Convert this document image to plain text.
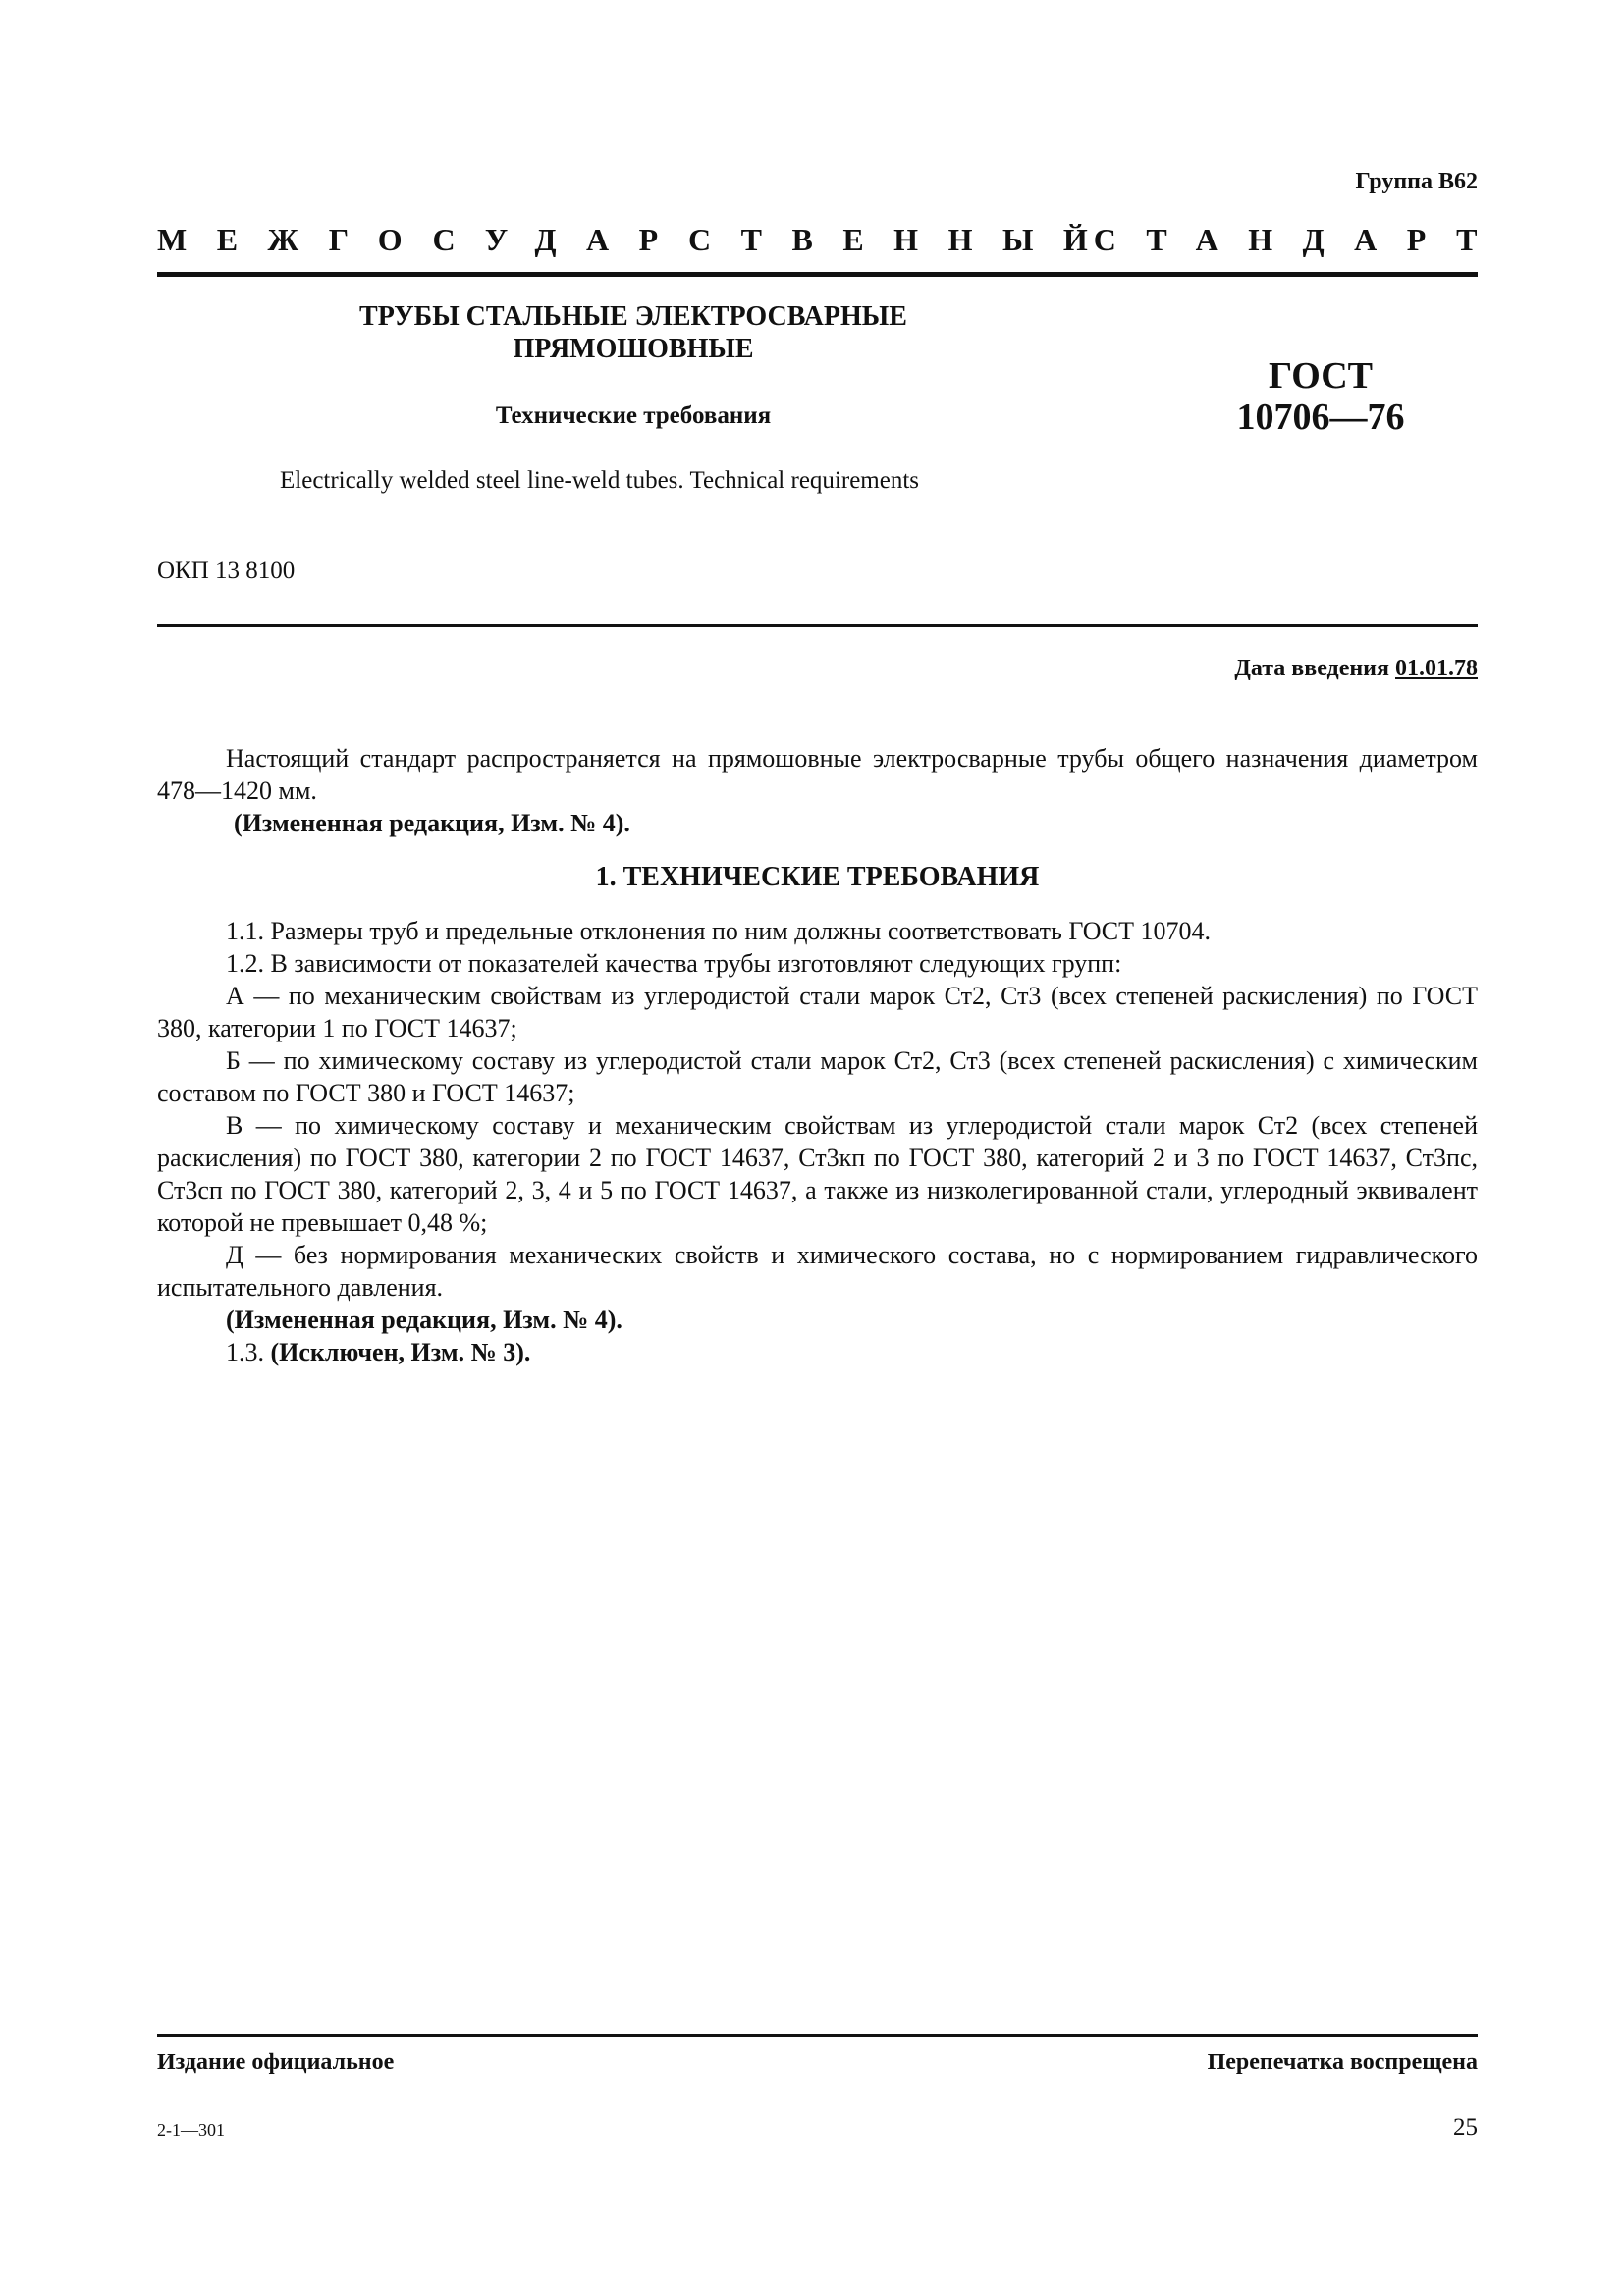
Группа В62
МЕЖГОСУДАРСТВЕННЫЙ
СТАНДАРТ
ТРУБЫ СТАЛЬНЫЕ ЭЛЕКТРОСВАРНЫЕ
ПРЯМОШОВНЫЕ
Технические требования
ГОСТ
10706—76
Electrically welded steel line-weld tubes. Technical requirements
ОКП 13 8100
Дата введения 01.01.78

Настоящий стандарт распространяется на прямошовные электросварные трубы общего назначения диаметром 478—1420 мм.

(Измененная редакция, Изм. № 4).

1. ТЕХНИЧЕСКИЕ ТРЕБОВАНИЯ

1.1. Размеры труб и предельные отклонения по ним должны соответствовать ГОСТ 10704.

1.2. В зависимости от показателей качества трубы изготовляют следующих групп:

А — по механическим свойствам из углеродистой стали марок Ст2, Ст3 (всех степеней раскисления) по ГОСТ 380, категории 1 по ГОСТ 14637;

Б — по химическому составу из углеродистой стали марок Ст2, Ст3 (всех степеней раскисления) с химическим составом по ГОСТ 380 и ГОСТ 14637;

В — по химическому составу и механическим свойствам из углеродистой стали марок Ст2 (всех степеней раскисления) по ГОСТ 380, категории 2 по ГОСТ 14637, Ст3кп по ГОСТ 380, категорий 2 и 3 по ГОСТ 14637, Ст3пс, Ст3сп по ГОСТ 380, категорий 2, 3, 4 и 5 по ГОСТ 14637, а также из низколегированной стали, углеродный эквивалент которой не превышает 0,48 %;

Д — без нормирования механических свойств и химического состава, но с нормированием гидравлического испытательного давления.

(Измененная редакция, Изм. № 4).

1.3. (Исключен, Изм. № 3).

Издание официальное	Перепечатка воспрещена
2-1—301	25
